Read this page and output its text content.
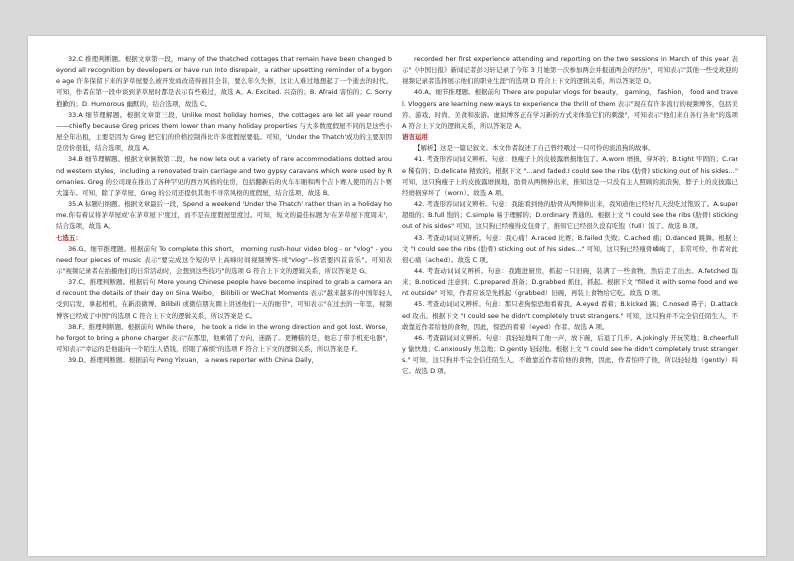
32.C 推理判断题。根据文章第一段，many of the thatched cottages that remain have been changed beyond all recognition by developers or have run into disrepair，a rather upsetting reminder of a bygone age 许多保留下来的茅草屋要么被开发商改造得面目全非，要么年久失修，这让人难过地想起了一个逝去的时代。可知，作者在第一段中谈到茅草屋时都是表示有些难过，故选 A。A. Excited. 兴奋的；B. Afraid 害怕的；C. Sorry 抱歉的；D. Humorous 幽默的，结合选项，故选 C。

33.A 细节理解题。根据文章第三段，Unlike most holiday homes，the cottages are let all year round——chiefly because Greg prices them lower than many holiday properties 与大多数度假屋不同的是这些小屋全年出租，主要是因为 Greg 把它们的价格控制得比许多度假屋要低。可知，'Under the Thatch'成功的主要原因是房价很低，结合选项，故选 A。

34.B 细节理解题。根据文章倒数第二段，he now lets out a variety of rare accommodations dotted around western styles，including a renovated train carriage and two gypsy caravans which were used by Romanies. Greg 的公司现在推出了各种罕见的西方风格的住房，包括翻新后的火车车厢和两个吉卜赛人使用的吉卜赛大篷车。可知，除了茅草屋，Greg 的公司还提供其他不寻常风格的度假屋，结合选项，故选 B。

35.A 标题归纳题。根据文章最后一段，Spend a weekend 'Under the Thatch' rather than in a holiday home.你有着议将茅草屋或'在茅草屋下'度过，而不是在度假屋里度过。可知，短文的最佳标题为'在茅草屋下度周末'，结合选项，故选 A。

七选五：

36.G。细节推理题。根据前句 To complete this short， morning rush-hour video blog - or "vlog" - you need four pieces of music 表示"要完成这个短的早上高峰时间视频博客-或"vlog"--你需要四首音乐"。可知表示"视频记录者在拍摄他们的日常活动时，会想到这些技巧"的选项 G 符合上下文的逻辑关系，所以答案是 G。

37.C。推理判断题。根据后句 More young Chinese people have become inspired to grab a camera and recount the details of their day on Sina Weibo， Bilibili or WeChat Moments 表示"越来越多的中国年轻人受到启发，拿起相机，在新浪微博、Bilibili 或微信朋友圈上讲述他们一天的细节"，可知表示"在过去的一年里，视频博客已经成了中国"的选项 C 符合上下文的逻辑关系，所以答案是 C。

38.F。推理判断题。根据前句 While there， he took a ride in the wrong direction and got lost. Worse， he forgot to bring a phone charger 表示"在那里，他乘错了方向，迷路了。更糟糕的是，他忘了带手机充电器"，可知表示"幸运的是他能向一个陌生人借钱，搭眼了麻烦"的选项 F 符合上下文的逻辑关系，所以答案是 F。

39.D。推理判断题。根据前句 Peng Yixuan， a news reporter with China Daily，

recorded her first experience attending and reporting on the two sessions in March of this year 表示"《中国日报》新闻记者彭习轩记录了今年 3 月她第一次参加两会并报道两会的经历"，可知表示"其他一些受欢迎的视频记录者选择展示他们的职业生涯"的选项 D 符合上下文的逻辑关系，所以答案是 D。

40.A。细节推理题。根据前句 There are popular vlogs for beauty， gaming， fashion， food and travel. Vloggers are learning new ways to experience the thrill of them 表示"现在有许多流行的视频博客，包括美容、游戏、时尚、美食和旅游。虚拟博客正在学习新的方式来体验它们的刺激"，可知表示"他们来自各行各业"的选项 A 符合上下文的逻辑关系，所以答案是 A。

语言运用

【解析】这是一篇记叙文。本文作者叙述了自己曾经喂过一只可怜的流浪狗的故事。

41. 考查形容词词义辨析。句意：他瘦子上的皮披露磨损地包了。A.worn 磨损，穿坏的；B.tight 牢固的；C.rare 稀有的；D.delicate 精致的。根据下文 "…and faded.I could see the ribs (肋骨) sticking out of his sides…" 可知，这只狗瘦子上的皮披露磨损地，肋骨从两侧伸出来，推知这是一只没有主人照顾的流浪狗，脖子上的皮披露已经磨损穿坏了（worn）。故选 A 项。

42. 考查形容词词义辨析。句意：我能看到他的肋骨从两侧伸出来，我知道他已经好几天没吃过饱饭了。A.super 超级的；B.full 饱的；C.simple 易于理解的；D.ordinary 普通的。根据上文 "I could see the ribs (肋骨) sticking out of his sides" 可知，这只狗已经瘦得皮包骨了，推知它已经很久没有吃饱（full）饭了。故选 B 项。

43. 考查动词词义辨析。句意：我心痛！A.raced 比赛；B.failed 失败；C.ached 痛；D.danced 跳舞。根据上文 "I could see the ribs (肋骨) sticking out of his sides…" 可知，这只狗已经瘦骨嶙峋了，非常可怜，作者对此很心痛（ached）。故选 C 项。

44. 考查动词词义辨析。句意：我跑进厨房，抓起一只旧碗，装满了一些食物，然后走了出去。A.fetched 取来；B.noticed 注意到；C.prepared 准备；D.grabbed 抓住，抓起。根据下文 "filled it with some food and went outside" 可知，作者应该是先抓起（grabbed）旧碗，再装上食物给它吃。故选 D 项。

45. 考查动词词义辨析。句意：那只老狗惊恐地看着我。A.eyed 看着；B.kicked 踢；C.nosed 鼻子；D.attacked 攻击。根据下文 "I could see he didn't completely trust strangers." 可知，这只狗并不完全信任陌生人，不敢靠近作者给他的食物，因此，惊恐的看着（eyed）作者。故选 A 项。

46. 考查副词词义辨析。句意：我轻轻地叫了他一声，放下碗，后退了几步。A.jokingly 开玩笑地；B.cheerfully 愉快地；C.anxiously 焦急地；D.gently 轻轻地。根据上文 "I could see he didn't completely trust strangers." 可知，这只狗并不完全信任陌生人，不敢靠近作者给他的食物，因此，作者怕吓了他，所以轻轻地（gently）叫它。故选 D 项。
